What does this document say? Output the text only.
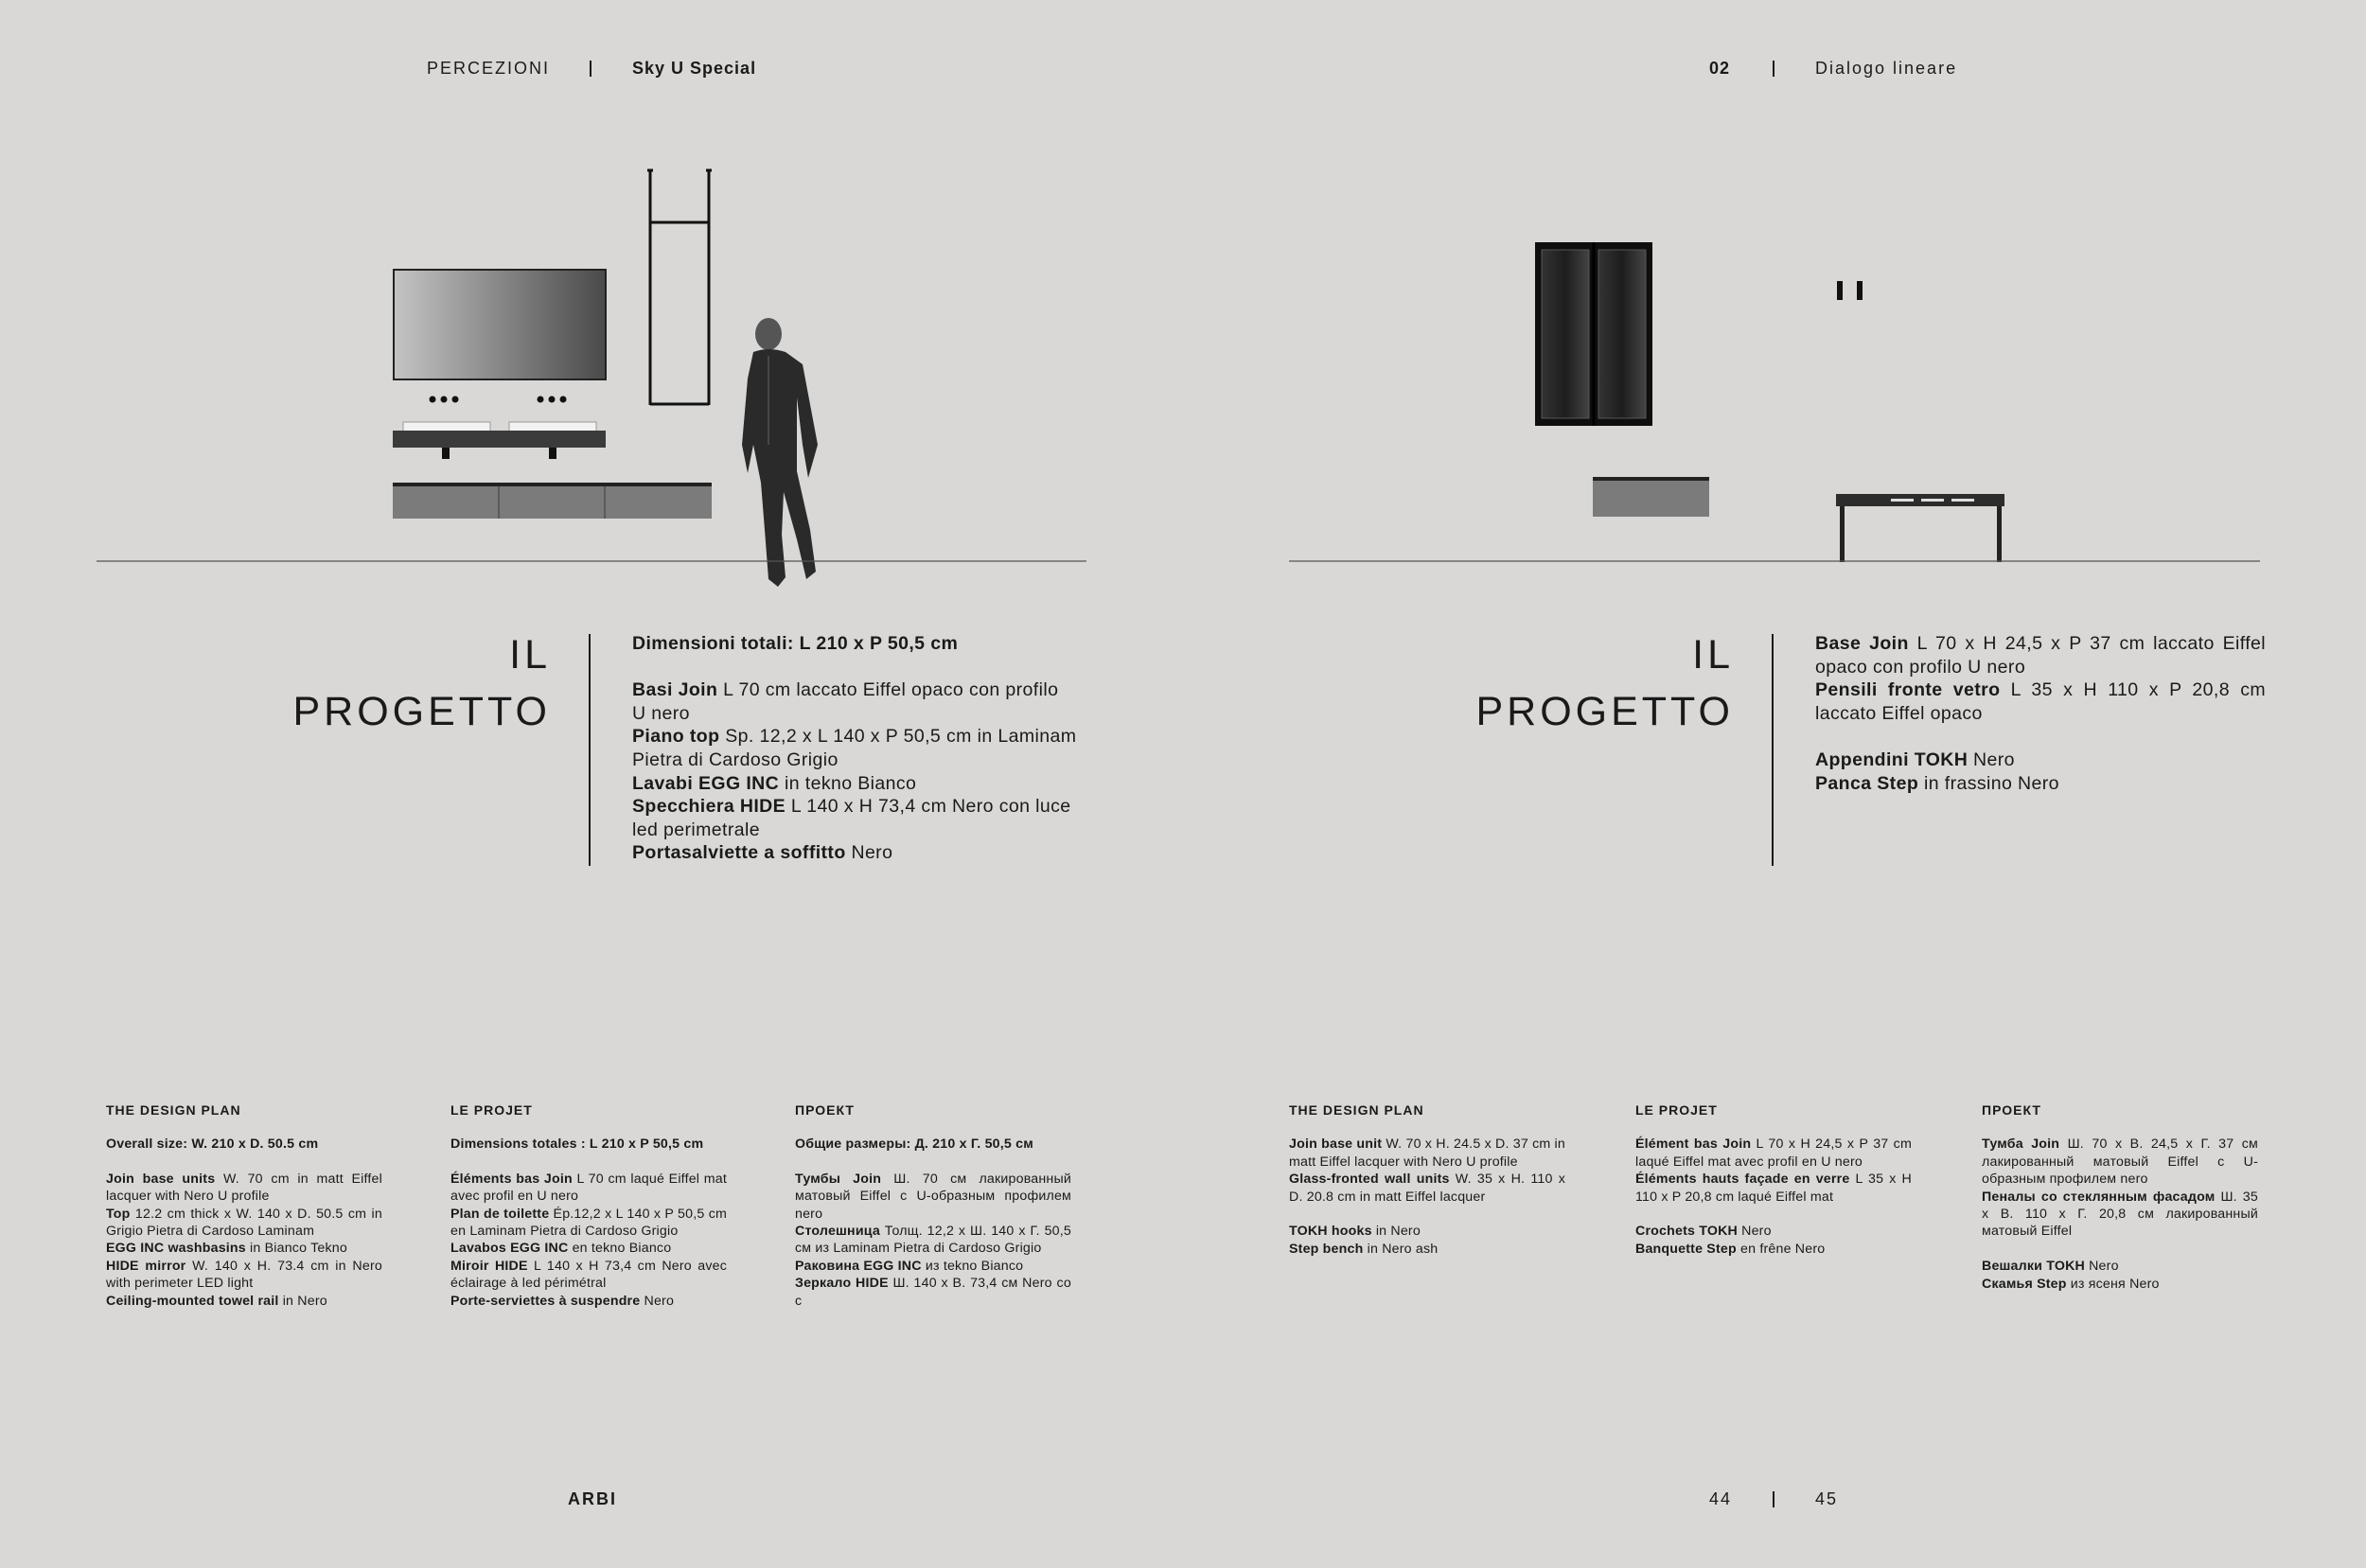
PERCEZIONI	Sky U Special	02	Dialogo lineare
IL
PROGETTO

Dimensioni totali: L 210 x P 50,5 cm

Basi Join L 70 cm laccato Eiffel opaco con profilo U nero

Piano top Sp. 12,2 x L 140 x P 50,5 cm in Laminam Pietra di Cardoso Grigio

Lavabi EGG INC in tekno Bianco

Specchiera HIDE L 140 x H 73,4 cm Nero con luce led perimetrale

Portasalviette a soffitto Nero

IL
PROGETTO

Base Join L 70 x H 24,5 x P 37 cm laccato Eiffel opaco con profilo U nero

Pensili fronte vetro L 35 x H 110 x P 20,8 cm laccato Eiffel opaco

Appendini TOKH Nero

Panca Step in frassino Nero

THE DESIGN PLAN

Overall size: W. 210 x D. 50.5 cm

Join base units W. 70 cm in matt Eiffel lacquer with Nero U profile

Top 12.2 cm thick x W. 140 x D. 50.5 cm in Grigio Pietra di Cardoso Laminam

EGG INC washbasins in Bianco Tekno

HIDE mirror W. 140 x H. 73.4 cm in Nero with perimeter LED light

Ceiling-mounted towel rail in Nero

LE PROJET

Dimensions totales : L 210 x P 50,5 cm

Éléments bas Join L 70 cm laqué Eiffel mat avec profil en U nero

Plan de toilette Ép.12,2 x L 140 x P 50,5 cm en Laminam Pietra di Cardoso Grigio

Lavabos EGG INC en tekno Bianco

Miroir HIDE L 140 x H 73,4 cm Nero avec éclairage à led périmétral

Porte-serviettes à suspendre Nero

ПРОЕКТ

Общие размеры: Д. 210 x Г. 50,5 см

Тумбы Join Ш. 70 см лакированный матовый Eiffel с U-образным профилем nero

Столешница Толщ. 12,2 x Ш. 140 x Г. 50,5 см из Laminam Pietra di Cardoso Grigio

Раковина EGG INC из tekno Bianco

Зеркало HIDE Ш. 140 x В. 73,4 см Nero со с

THE DESIGN PLAN

Join base unit W. 70 x H. 24.5 x D. 37 cm in matt Eiffel lacquer with Nero U profile

Glass-fronted wall units W. 35 x H. 110 x D. 20.8 cm in matt Eiffel lacquer

TOKH hooks in Nero

Step bench in Nero ash

LE PROJET

Élément bas Join L 70 x H 24,5 x P 37 cm laqué Eiffel mat avec profil en U nero

Éléments hauts façade en verre L 35 x H 110 x P 20,8 cm laqué Eiffel mat

Crochets TOKH Nero

Banquette Step en frêne Nero

ПРОЕКТ

Тумба Join Ш. 70 x В. 24,5 x Г. 37 см лакированный матовый Eiffel с U-образным профилем nero

Пеналы со стеклянным фасадом Ш. 35 x В. 110 x Г. 20,8 см лакированный матовый Eiffel

Вешалки TOKH Nero

Скамья Step из ясеня Nero

ARBI	44	45
